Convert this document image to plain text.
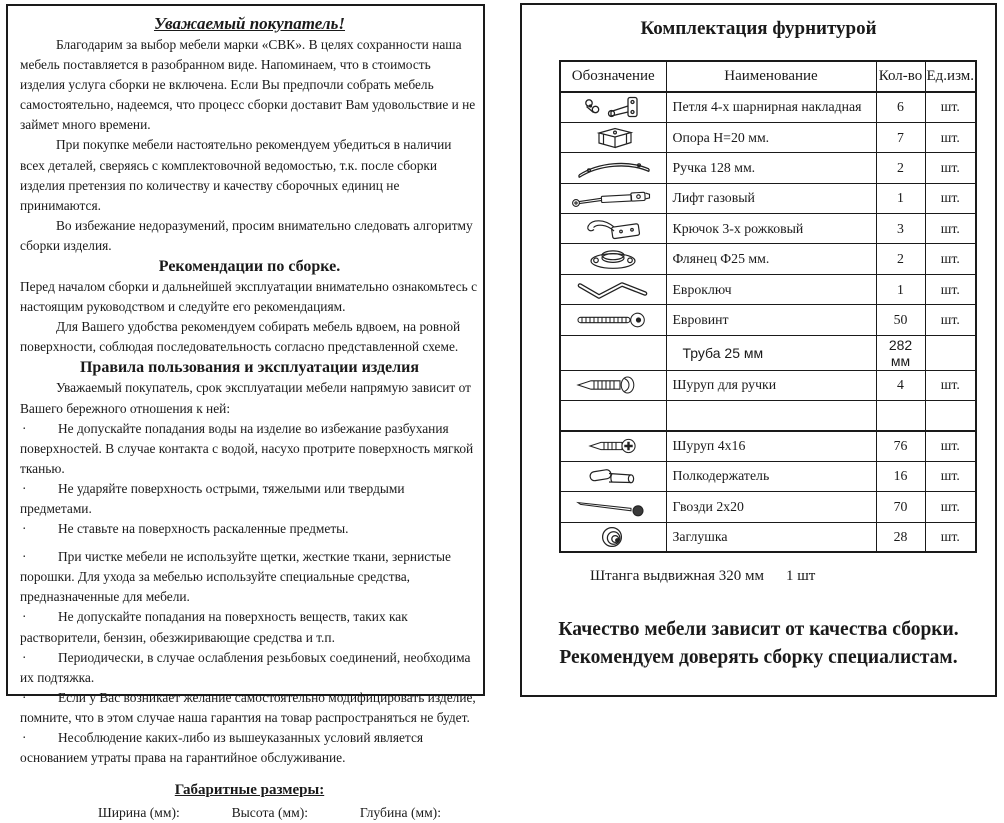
Уважаемый покупатель!
Благодарим за выбор мебели марки «СВК». В целях сохранности наша мебель поставляется в разобранном виде. Напоминаем, что в стоимость изделия услуга сборки не включена. Если Вы предпочли собрать мебель самостоятельно, надеемся, что процесс сборки доставит Вам удовольствие и не займет много времени.
При покупке мебели настоятельно рекомендуем убедиться в наличии всех деталей, сверяясь с комплектовочной ведомостью, т.к. после сборки изделия претензия по количеству и качеству сборочных единиц не принимаются.
Во избежание недоразумений, просим внимательно следовать алгоритму сборки изделия.
Рекомендации по сборке.
Перед началом сборки и дальнейшей эксплуатации внимательно ознакомьтесь с настоящим руководством и следуйте его рекомендациям.
Для Вашего удобства рекомендуем собирать мебель вдвоем, на ровной поверхности, соблюдая последовательность согласно представленной схеме.
Правила пользования и эксплуатации изделия
Уважаемый покупатель, срок эксплуатации мебели напрямую зависит от Вашего бережного отношения к ней:
· Не допускайте попадания воды на изделие во избежание разбухания поверхностей. В случае контакта с водой, насухо протрите поверхность мягкой тканью.
· Не ударяйте поверхность острыми, тяжелыми или твердыми предметами.
· Не ставьте на поверхность раскаленные предметы.
· При чистке мебели не используйте щетки, жесткие ткани, зернистые порошки. Для ухода за мебелью используйте специальные средства, предназначенные для мебели.
· Не допускайте попадания на поверхность веществ, таких как растворители, бензин, обезжиривающие средства и т.п.
· Периодически, в случае ослабления резьбовых соединений, необходима их подтяжка.
· Если у Вас возникает желание самостоятельно модифицировать изделие, помните, что в этом случае наша гарантия на товар распространяться не будет.
· Несоблюдение каких-либо из вышеуказанных условий является основанием утраты права на гарантийное обслуживание.
Габаритные размеры:
Ширина (мм):	Высота (мм):	Глубина (мм):
Комплектация фурнитурой
Обозначение	Наименование	Кол-во	Ед.изм.

	Петля 4-х шарнирная накладная	6	шт.

	Опора Н=20 мм.	7	шт.

	Ручка 128 мм.	2	шт.

	Лифт газовый	1	шт.

	Крючок 3-х рожковый	3	шт.

	Флянец Ф25 мм.	2	шт.

	Евроключ	1	шт.

	Евровинт	50	шт.
	Труба 25 мм	282 мм	

	Шуруп для ручки	4	шт.

	Шуруп 4х16	76	шт.

	Полкодержатель	16	шт.

	Гвозди 2х20	70	шт.

	Заглушка	28	шт.
Штанга выдвижная 320 мм 1 шт
Качество мебели зависит от качества сборки.
Рекомендуем доверять сборку специалистам.
